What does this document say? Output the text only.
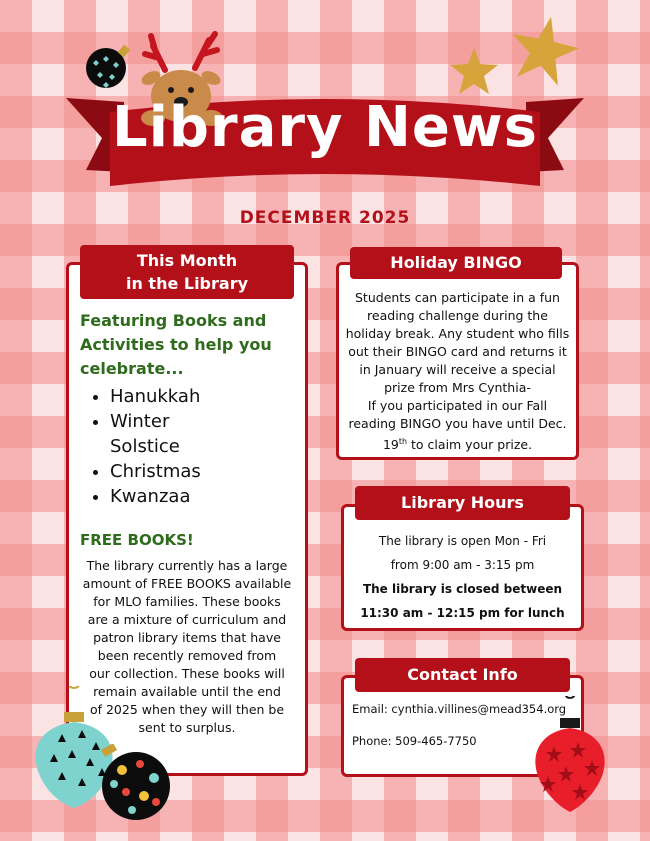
Library News
DECEMBER 2025
This Month
in the Library
Featuring Books and
Activities to help you
celebrate...
• Hanukkah
• Winter
Solstice
• Christmas
• Kwanzaa
FREE BOOKS!
The library currently has a large
amount of FREE BOOKS available
for MLO families. These books
are a mixture of curriculum and
patron library items that have
been recently removed from
our collection. These books will
remain available until the end
of 2025 when they will then be
sent to surplus.
Holiday BINGO
Students can participate in a fun
reading challenge during the
holiday break. Any student who fills
out their BINGO card and returns it
in January will receive a special
prize from Mrs Cynthia-
If you participated in our Fall
reading BINGO you have until Dec.
19th to claim your prize.
Library Hours
The library is open Mon - Fri
from 9:00 am - 3:15 pm
The library is closed between
11:30 am - 12:15 pm for lunch
Contact Info
Email: cynthia.villines@mead354.org
Phone: 509-465-7750
